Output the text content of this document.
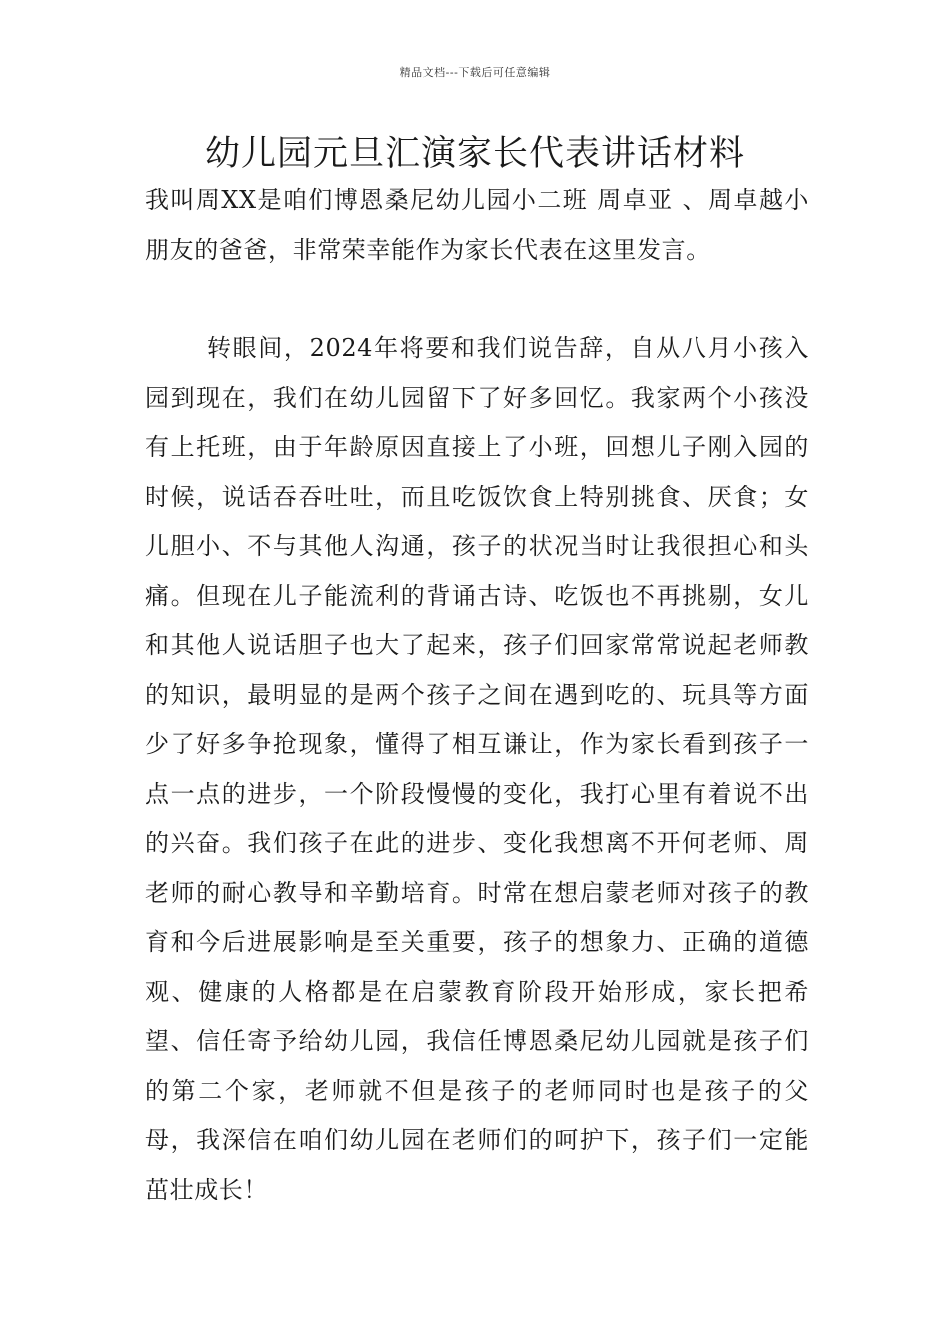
精品文档---下载后可任意编辑
幼儿园元旦汇演家长代表讲话材料

我叫周XX是咱们博恩桑尼幼儿园小二班 周卓亚 、周卓越小朋友的爸爸，非常荣幸能作为家长代表在这里发言。

转眼间，2024年将要和我们说告辞，自从八月小孩入园到现在，我们在幼儿园留下了好多回忆。我家两个小孩没有上托班，由于年龄原因直接上了小班，回想儿子刚入园的时候，说话吞吞吐吐，而且吃饭饮食上特别挑食、厌食；女儿胆小、不与其他人沟通，孩子的状况当时让我很担心和头痛。但现在儿子能流利的背诵古诗、吃饭也不再挑剔，女儿和其他人说话胆子也大了起来，孩子们回家常常说起老师教的知识，最明显的是两个孩子之间在遇到吃的、玩具等方面少了好多争抢现象，懂得了相互谦让，作为家长看到孩子一点一点的进步，一个阶段慢慢的变化，我打心里有着说不出的兴奋。我们孩子在此的进步、变化我想离不开何老师、周老师的耐心教导和辛勤培育。时常在想启蒙老师对孩子的教育和今后进展影响是至关重要，孩子的想象力、正确的道德观、健康的人格都是在启蒙教育阶段开始形成，家长把希望、信任寄予给幼儿园，我信任博恩桑尼幼儿园就是孩子们的第二个家，老师就不但是孩子的老师同时也是孩子的父母，我深信在咱们幼儿园在老师们的呵护下，孩子们一定能茁壮成长！
